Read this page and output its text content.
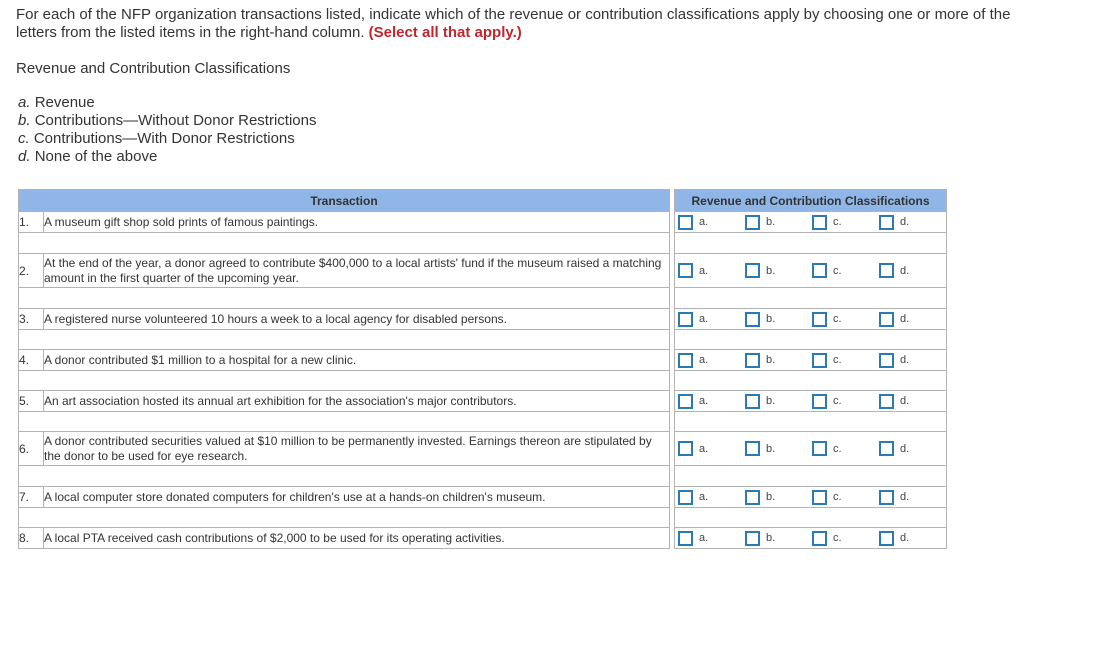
For each of the NFP organization transactions listed, indicate which of the revenue or contribution classifications apply by choosing one or more of the letters from the listed items in the right-hand column. (Select all that apply.)
Revenue and Contribution Classifications
a. Revenue
b. Contributions—Without Donor Restrictions
c. Contributions—With Donor Restrictions
d. None of the above
Transaction			Revenue and Contribution Classifications
1.	A museum gift shop sold prints of famous paintings.		a. b. c. d.

2.	At the end of the year, a donor agreed to contribute $400,000 to a local artists' fund if the museum raised a matching amount in the first quarter of the upcoming year.		a. b. c. d.

3.	A registered nurse volunteered 10 hours a week to a local agency for disabled persons.		a. b. c. d.

4.	A donor contributed $1 million to a hospital for a new clinic.		a. b. c. d.

5.	An art association hosted its annual art exhibition for the association's major contributors.		a. b. c. d.

6.	A donor contributed securities valued at $10 million to be permanently invested. Earnings thereon are stipulated by the donor to be used for eye research.		a. b. c. d.

7.	A local computer store donated computers for children's use at a hands-on children's museum.		a. b. c. d.

8.	A local PTA received cash contributions of $2,000 to be used for its operating activities.		a. b. c. d.
